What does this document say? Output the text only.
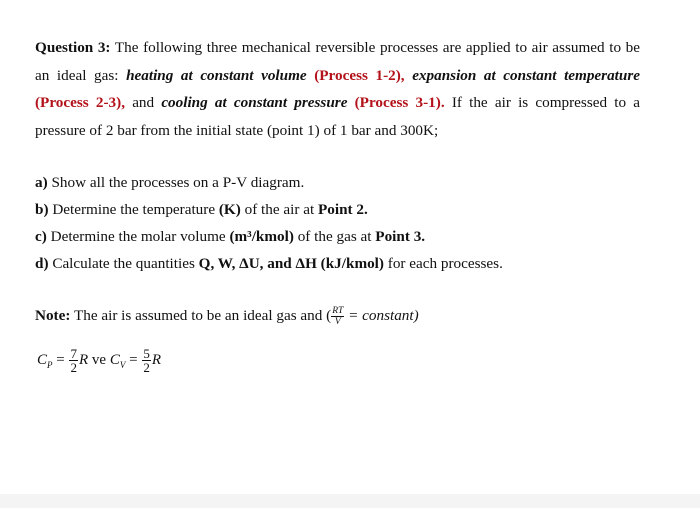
Question 3: The following three mechanical reversible processes are applied to air assumed to be an ideal gas: heating at constant volume (Process 1-2), expansion at constant temperature (Process 2-3), and cooling at constant pressure (Process 3-1). If the air is compressed to a pressure of 2 bar from the initial state (point 1) of 1 bar and 300K;
a) Show all the processes on a P-V diagram.
b) Determine the temperature (K) of the air at Point 2.
c) Determine the molar volume (m³/kmol) of the gas at Point 3.
d) Calculate the quantities Q, W, ΔU, and ΔH (kJ/kmol) for each processes.
Note: The air is assumed to be an ideal gas and ( $\frac{RT}{V}$ = constant)
$C_P = \frac{7}{2}$ R ve $C_V = \frac{5}{2}$ R
